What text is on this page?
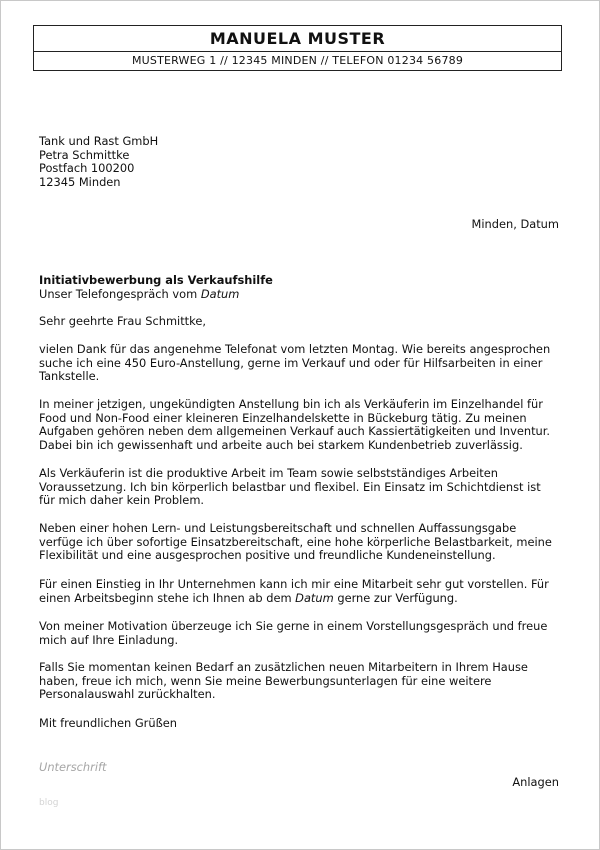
MANUELA MUSTER
MUSTERWEG 1 // 12345 MINDEN // TELEFON 01234 56789
Tank und Rast GmbH
Petra Schmittke
Postfach 100200
12345 Minden
Minden, Datum
Initiativbewerbung als Verkaufshilfe
Unser Telefongespräch vom Datum
Sehr geehrte Frau Schmittke,
vielen Dank für das angenehme Telefonat vom letzten Montag. Wie bereits angesprochen
suche ich eine 450 Euro-Anstellung, gerne im Verkauf und oder für Hilfsarbeiten in einer
Tankstelle.
In meiner jetzigen, ungekündigten Anstellung bin ich als Verkäuferin im Einzelhandel für
Food und Non-Food einer kleineren Einzelhandelskette in Bückeburg tätig. Zu meinen
Aufgaben gehören neben dem allgemeinen Verkauf auch Kassiertätigkeiten und Inventur.
Dabei bin ich gewissenhaft und arbeite auch bei starkem Kundenbetrieb zuverlässig.
Als Verkäuferin ist die produktive Arbeit im Team sowie selbstständiges Arbeiten
Voraussetzung. Ich bin körperlich belastbar und flexibel. Ein Einsatz im Schichtdienst ist
für mich daher kein Problem.
Neben einer hohen Lern- und Leistungsbereitschaft und schnellen Auffassungsgabe
verfüge ich über sofortige Einsatzbereitschaft, eine hohe körperliche Belastbarkeit, meine
Flexibilität und eine ausgesprochen positive und freundliche Kundeneinstellung.
Für einen Einstieg in Ihr Unternehmen kann ich mir eine Mitarbeit sehr gut vorstellen. Für
einen Arbeitsbeginn stehe ich Ihnen ab dem Datum gerne zur Verfügung.
Von meiner Motivation überzeuge ich Sie gerne in einem Vorstellungsgespräch und freue
mich auf Ihre Einladung.
Falls Sie momentan keinen Bedarf an zusätzlichen neuen Mitarbeitern in Ihrem Hause
haben, freue ich mich, wenn Sie meine Bewerbungsunterlagen für eine weitere
Personalauswahl zurückhalten.
Mit freundlichen Grüßen
Unterschrift
Anlagen
blog
